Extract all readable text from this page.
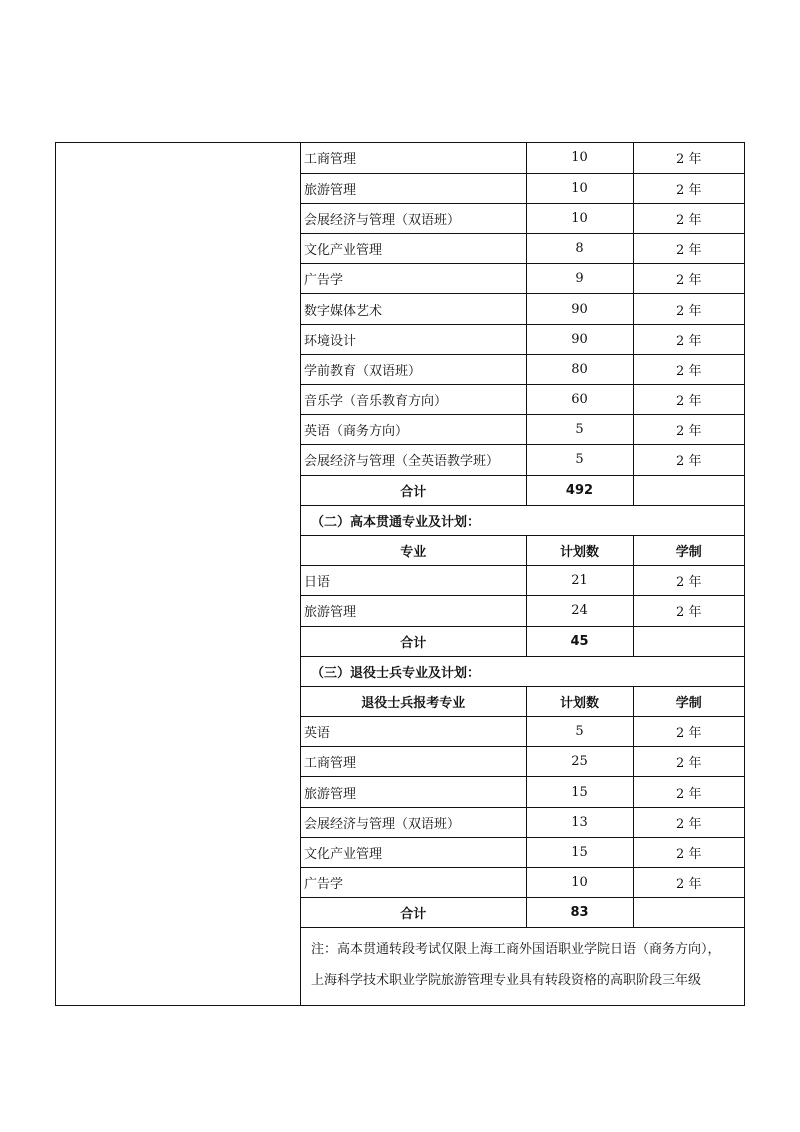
工商管理	10	2 年
旅游管理	10	2 年
会展经济与管理（双语班）	10	2 年
文化产业管理	8	2 年
广告学	9	2 年
数字媒体艺术	90	2 年
环境设计	90	2 年
学前教育（双语班）	80	2 年
音乐学（音乐教育方向）	60	2 年
英语（商务方向）	5	2 年
会展经济与管理（全英语教学班）	5	2 年
合计	492	
（二）高本贯通专业及计划：		
专业	计划数	学制
日语	21	2 年
旅游管理	24	2 年
合计	45	
（三）退役士兵专业及计划：		
退役士兵报考专业	计划数	学制
英语	5	2 年
工商管理	25	2 年
旅游管理	15	2 年
会展经济与管理（双语班）	13	2 年
文化产业管理	15	2 年
广告学	10	2 年
合计	83	
注：高本贯通转段考试仅限上海工商外国语职业学院日语（商务方向），
上海科学技术职业学院旅游管理专业具有转段资格的高职阶段三年级
